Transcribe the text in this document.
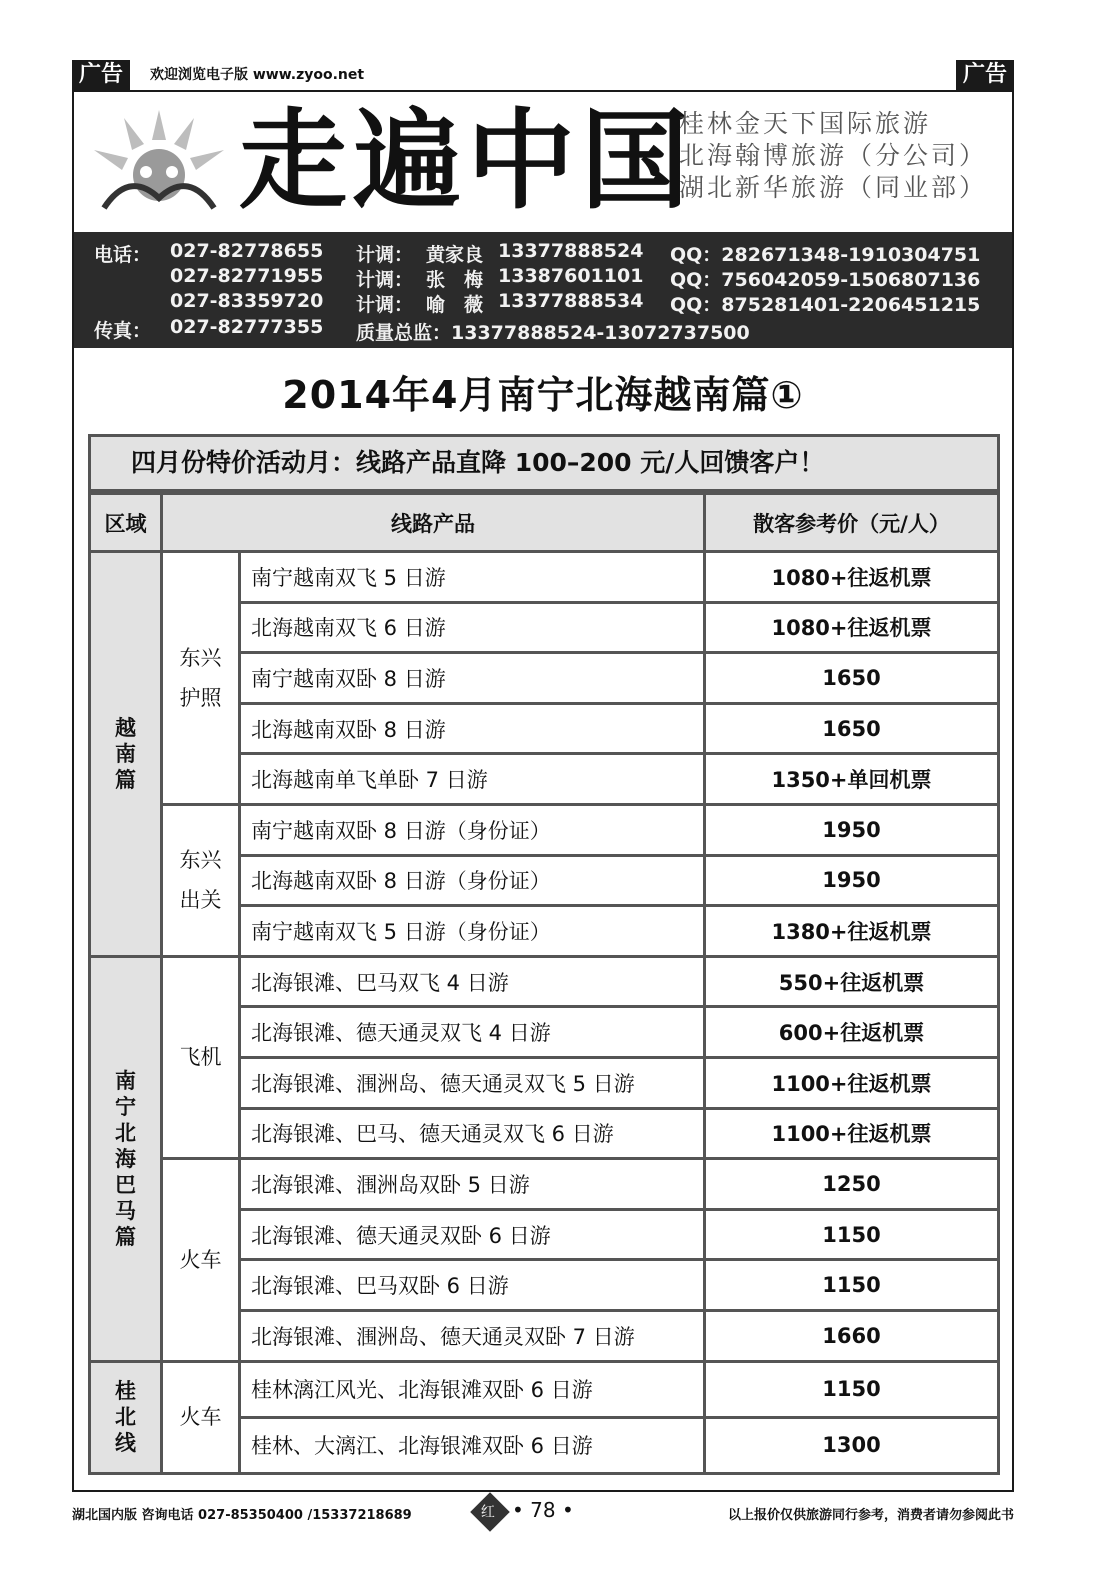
广告	欢迎浏览电子版 www.zyoo.net	广告
走遍中国
桂林金天下国际旅游
北海翰博旅游（分公司）
湖北新华旅游（同业部）
电话： 027-82778655
027-82771955
027-83359720
传真： 027-82777355
计调： 黄家良 13377888524
计调： 张　梅 13387601101
计调： 喻　薇 13377888534
QQ：282671348-1910304751
QQ：756042059-1506807136
QQ：875281401-2206451215
质量总监：13377888524-13072737500
2014年4月南宁北海越南篇①
四月份特价活动月：线路产品直降 100–200 元/人回馈客户！
区域	线路产品		散客参考价（元/人）

越南篇	东兴护照	南宁越南双飞 5 日游	1080+往返机票
		北海越南双飞 6 日游	1080+往返机票
		南宁越南双卧 8 日游	1650
		北海越南双卧 8 日游	1650
		北海越南单飞单卧 7 日游	1350+单回机票

	东兴出关	南宁越南双卧 8 日游（身份证）	1950
		北海越南双卧 8 日游（身份证）	1950
		南宁越南双飞 5 日游（身份证）	1380+往返机票

南宁北海巴马篇	飞机	北海银滩、巴马双飞 4 日游	550+往返机票
		北海银滩、德天通灵双飞 4 日游	600+往返机票
		北海银滩、涠洲岛、德天通灵双飞 5 日游	1100+往返机票
		北海银滩、巴马、德天通灵双飞 6 日游	1100+往返机票
	火车	北海银滩、涠洲岛双卧 5 日游	1250
		北海银滩、德天通灵双卧 6 日游	1150
		北海银滩、巴马双卧 6 日游	1150
		北海银滩、涠洲岛、德天通灵双卧 7 日游	1660

桂北线	火车	桂林漓江风光、北海银滩双卧 6 日游	1150
		桂林、大漓江、北海银滩双卧 6 日游	1300
湖北国内版 咨询电话 027-85350400 /15337218689	红 • 78 •	以上报价仅供旅游同行参考，消费者请勿参阅此书
